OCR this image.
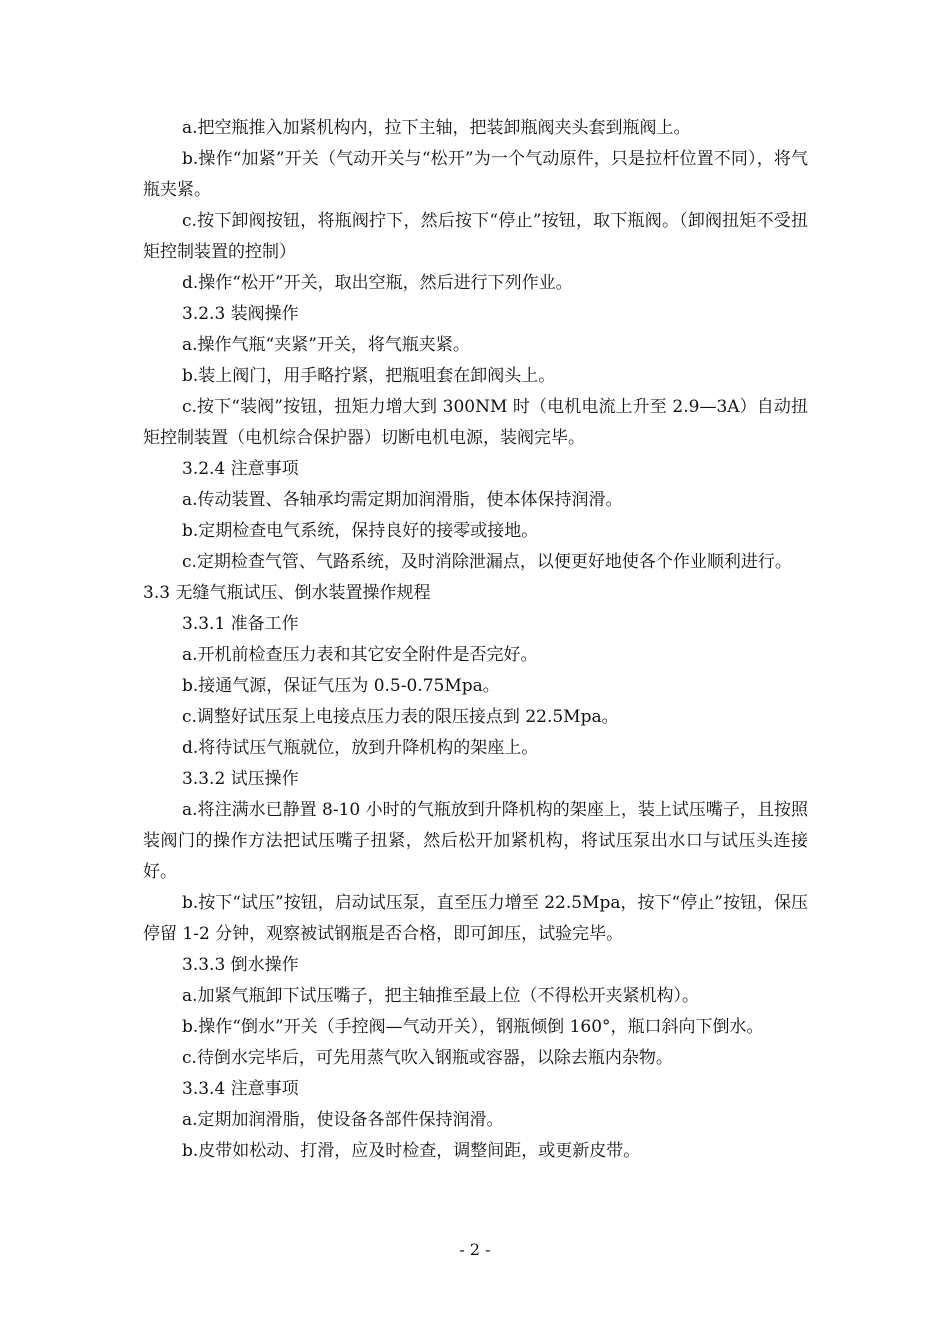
a.把空瓶推入加紧机构内，拉下主轴，把装卸瓶阀夹头套到瓶阀上。

b.操作“加紧”开关（气动开关与“松开”为一个气动原件，只是拉杆位置不同），将气瓶夹紧。

c.按下卸阀按钮，将瓶阀拧下，然后按下“停止”按钮，取下瓶阀。（卸阀扭矩不受扭矩控制装置的控制）

d.操作“松开”开关，取出空瓶，然后进行下列作业。

3.2.3 装阀操作

a.操作气瓶“夹紧”开关，将气瓶夹紧。

b.装上阀门，用手略拧紧，把瓶咀套在卸阀头上。

c.按下“装阀”按钮，扭矩力增大到 300NM 时（电机电流上升至 2.9—3A）自动扭矩控制装置（电机综合保护器）切断电机电源，装阀完毕。

3.2.4 注意事项

a.传动装置、各轴承均需定期加润滑脂，使本体保持润滑。

b.定期检查电气系统，保持良好的接零或接地。

c.定期检查气管、气路系统，及时消除泄漏点，以便更好地使各个作业顺利进行。

3.3 无缝气瓶试压、倒水装置操作规程

3.3.1 准备工作

a.开机前检查压力表和其它安全附件是否完好。

b.接通气源，保证气压为 0.5-0.75Mpa。

c.调整好试压泵上电接点压力表的限压接点到 22.5Mpa。

d.将待试压气瓶就位，放到升降机构的架座上。

3.3.2 试压操作

a.将注满水已静置 8-10 小时的气瓶放到升降机构的架座上，装上试压嘴子，且按照装阀门的操作方法把试压嘴子扭紧，然后松开加紧机构，将试压泵出水口与试压头连接好。

b.按下“试压”按钮，启动试压泵，直至压力增至 22.5Mpa，按下“停止”按钮，保压停留 1-2 分钟，观察被试钢瓶是否合格，即可卸压，试验完毕。

3.3.3 倒水操作

a.加紧气瓶卸下试压嘴子，把主轴推至最上位（不得松开夹紧机构）。

b.操作“倒水”开关（手控阀—气动开关），钢瓶倾倒 160°，瓶口斜向下倒水。

c.待倒水完毕后，可先用蒸气吹入钢瓶或容器，以除去瓶内杂物。

3.3.4 注意事项

a.定期加润滑脂，使设备各部件保持润滑。

b.皮带如松动、打滑，应及时检查，调整间距，或更新皮带。

- 2 -
